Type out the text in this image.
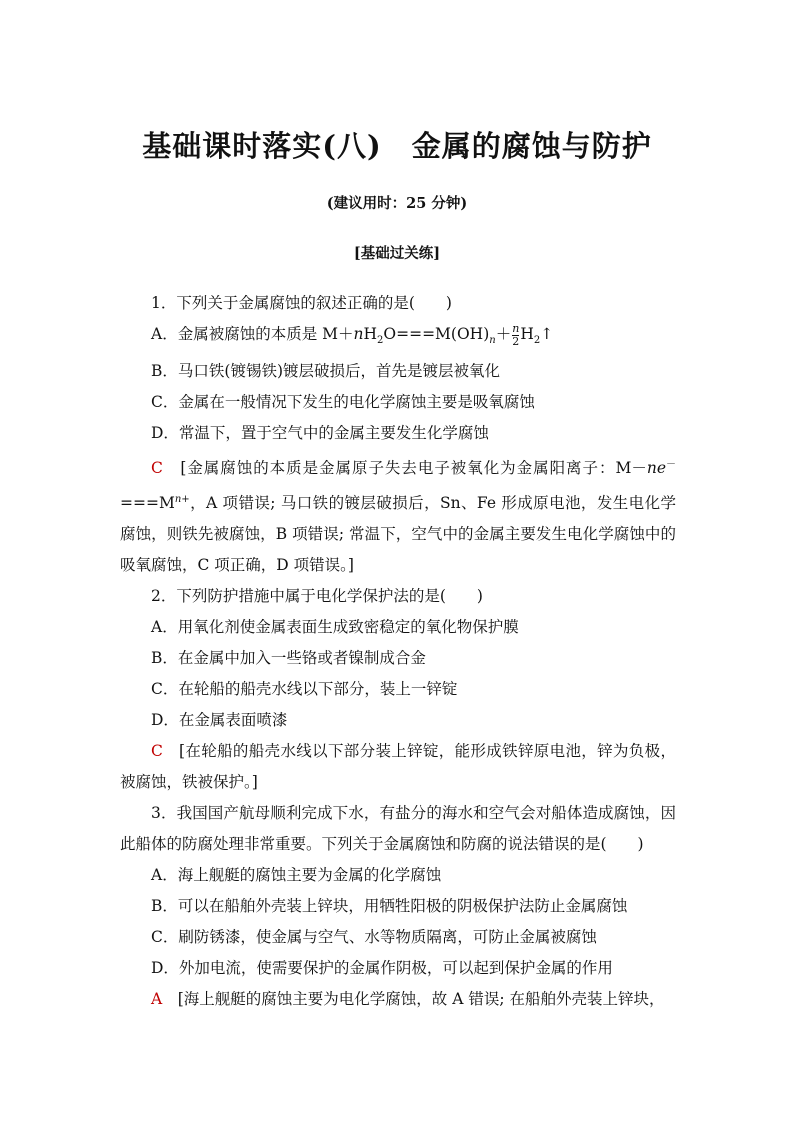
基础课时落实(八)　金属的腐蚀与防护
(建议用时：25 分钟)
[基础过关练]

1．下列关于金属腐蚀的叙述正确的是(　　)

A．金属被腐蚀的本质是 $M+nH_2O===M(OH)_n+ \frac{n}{2}$ $H_2↑$

B．马口铁(镀锡铁)镀层破损后，首先是镀层被氧化

C．金属在一般情况下发生的电化学腐蚀主要是吸氧腐蚀

D．常温下，置于空气中的金属主要发生化学腐蚀

C　 [金属腐蚀的本质是金属原子失去电子被氧化为金属阳离子：$M-ne^-===M^{n+}$，A 项错误; 马口铁的镀层破损后，Sn、Fe 形成原电池，发生电化学腐蚀，则铁先被腐蚀，B 项错误; 常温下，空气中的金属主要发生电化学腐蚀中的吸氧腐蚀，C 项正确，D 项错误。]

2．下列防护措施中属于电化学保护法的是(　　)

A．用氧化剂使金属表面生成致密稳定的氧化物保护膜

B．在金属中加入一些铬或者镍制成合金

C．在轮船的船壳水线以下部分，装上一锌锭

D．在金属表面喷漆

C　 [在轮船的船壳水线以下部分装上锌锭，能形成铁锌原电池，锌为负极，被腐蚀，铁被保护。]

3．我国国产航母顺利完成下水，有盐分的海水和空气会对船体造成腐蚀，因此船体的防腐处理非常重要。下列关于金属腐蚀和防腐的说法错误的是(　　)

A．海上舰艇的腐蚀主要为金属的化学腐蚀

B．可以在船舶外壳装上锌块，用牺牲阳极的阴极保护法防止金属腐蚀

C．刷防锈漆，使金属与空气、水等物质隔离，可防止金属被腐蚀

D．外加电流，使需要保护的金属作阴极，可以起到保护金属的作用

A　 [海上舰艇的腐蚀主要为电化学腐蚀，故 A 错误; 在船舶外壳装上锌块，
